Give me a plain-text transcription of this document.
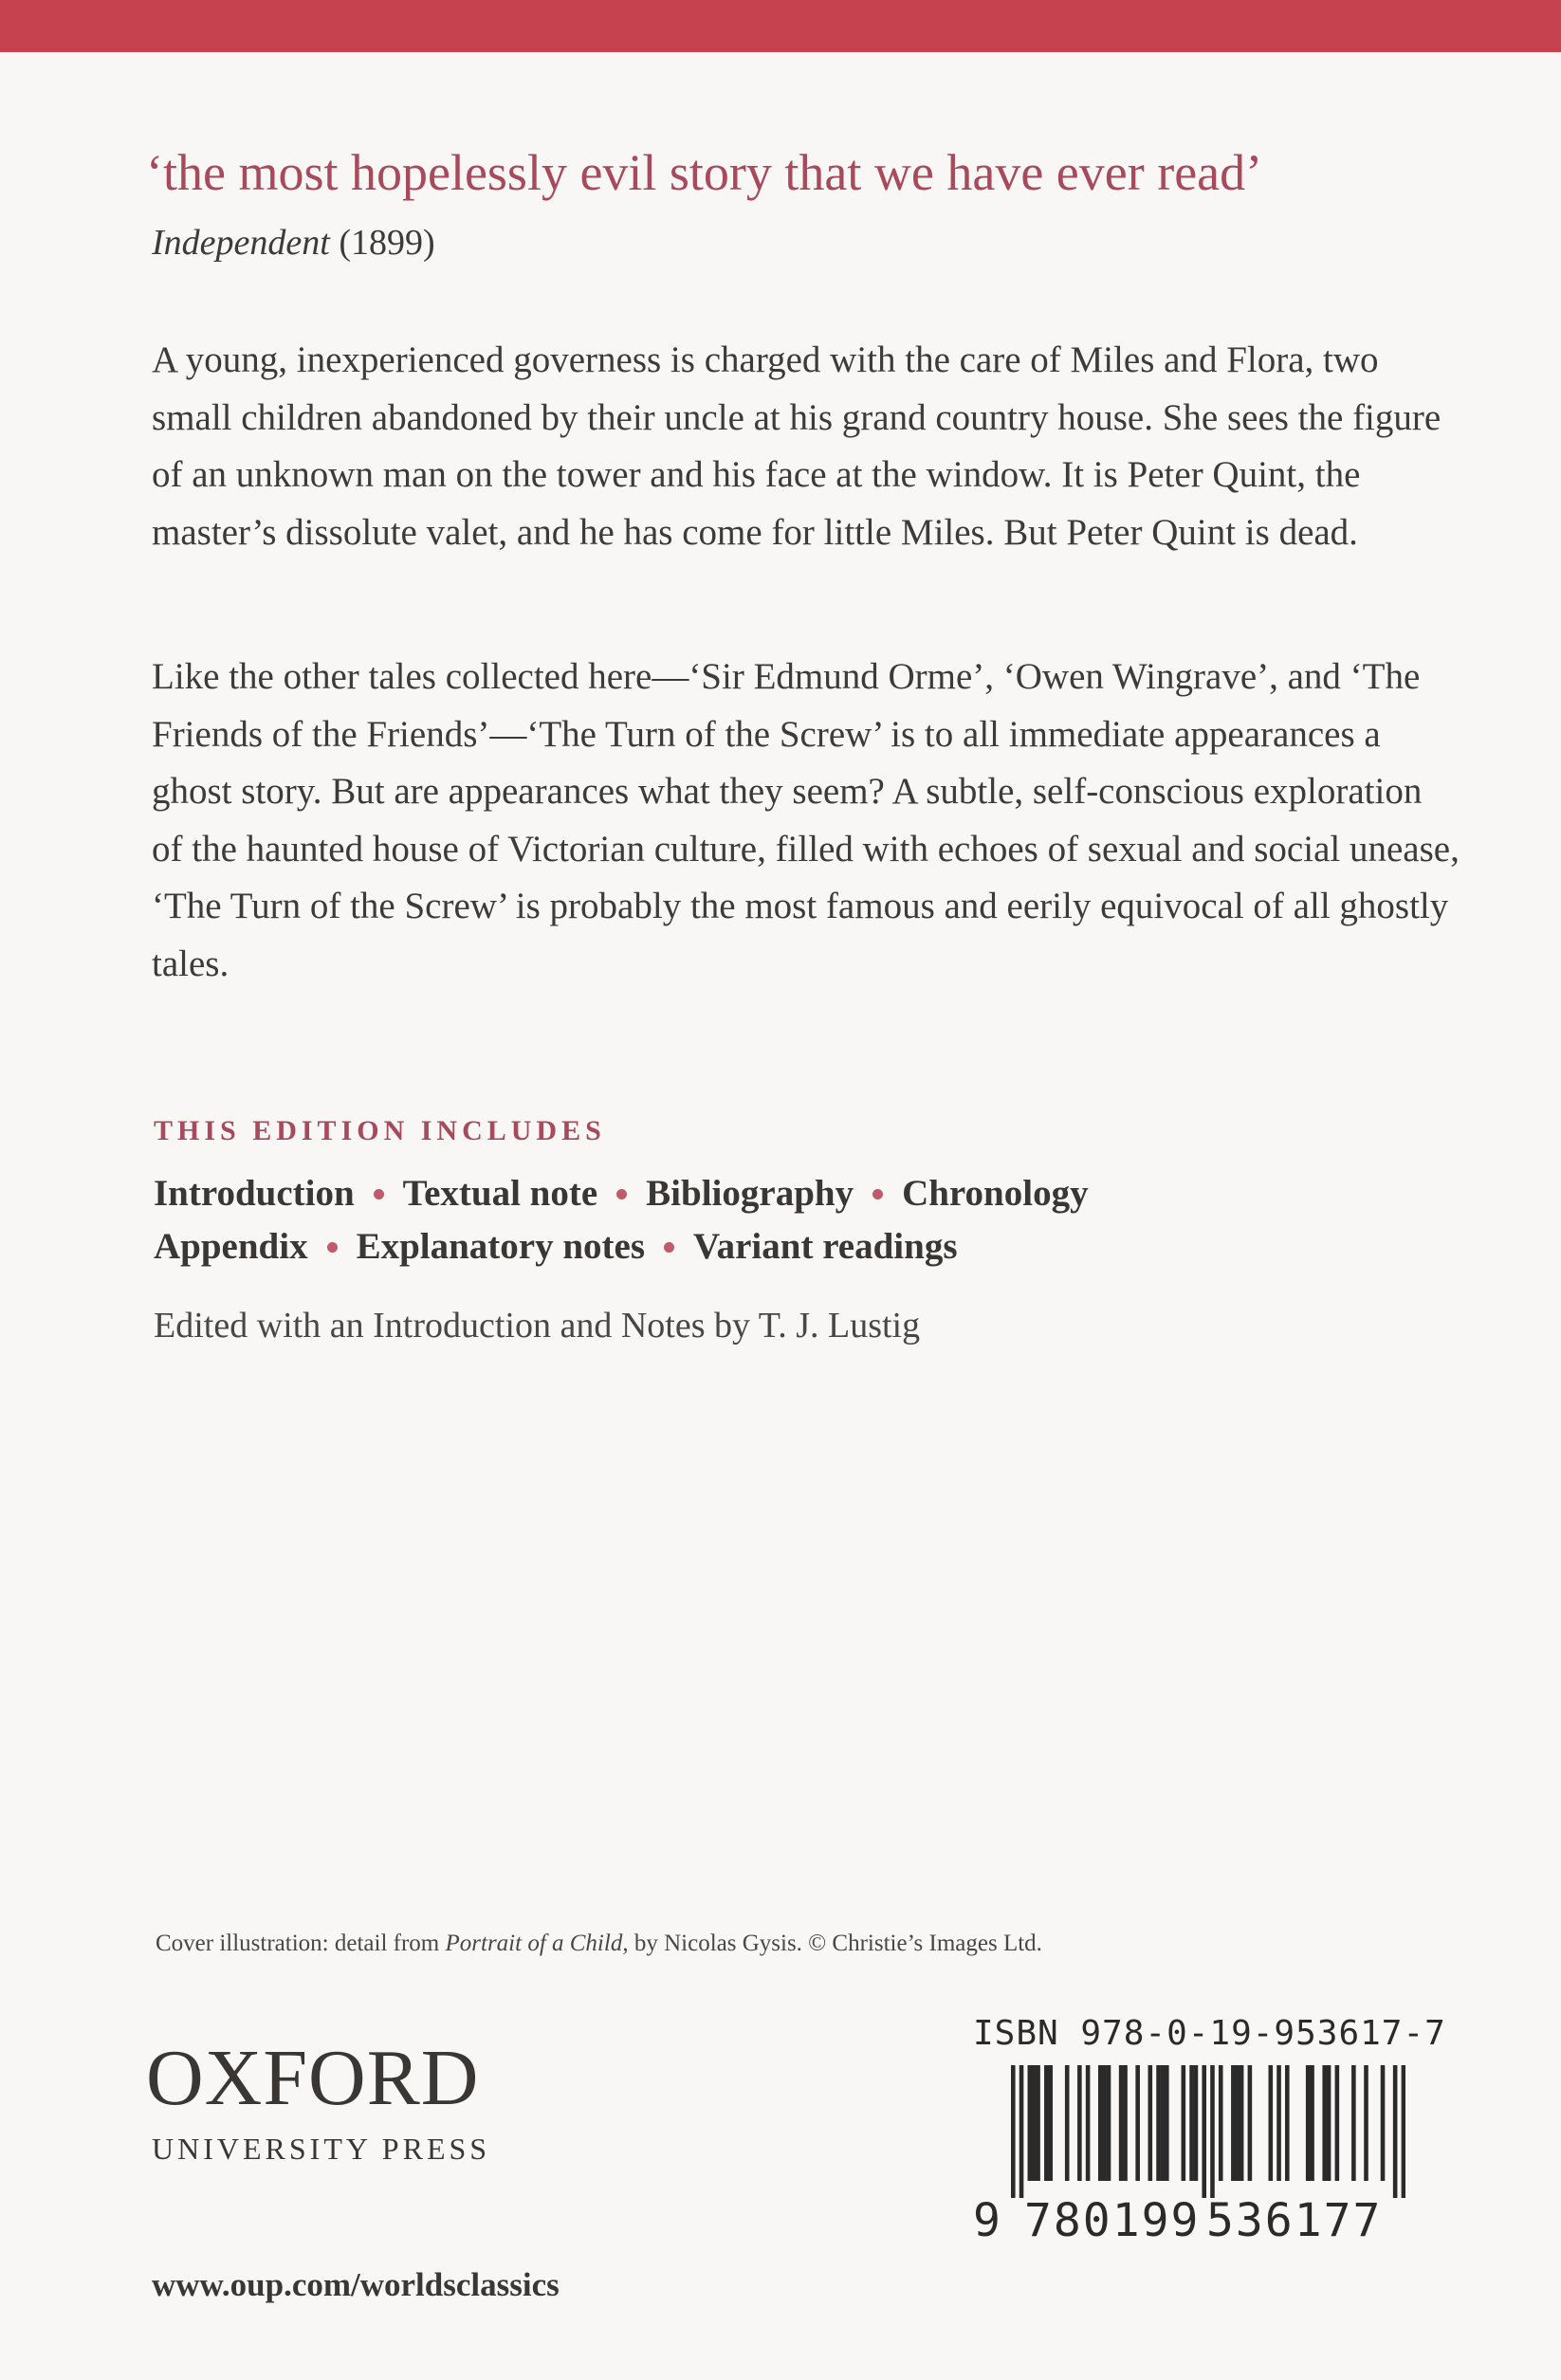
‘the most hopelessly evil story that we have ever read’
Independent (1899)

A young, inexperienced governess is charged with the care of Miles and Flora, two small children abandoned by their uncle at his grand country house. She sees the figure of an unknown man on the tower and his face at the window. It is Peter Quint, the master’s dissolute valet, and he has come for little Miles. But Peter Quint is dead.

Like the other tales collected here—‘Sir Edmund Orme’, ‘Owen Wingrave’, and ‘The Friends of the Friends’—‘The Turn of the Screw’ is to all immediate appearances a ghost story. But are appearances what they seem? A subtle, self-conscious exploration of the haunted house of Victorian culture, filled with echoes of sexual and social unease, ‘The Turn of the Screw’ is probably the most famous and eerily equivocal of all ghostly tales.

THIS EDITION INCLUDES
Introduction Textual note Bibliography Chronology
Appendix Explanatory notes Variant readings
Edited with an Introduction and Notes by T. J. Lustig
Cover illustration: detail from Portrait of a Child, by Nicolas Gysis. © Christie’s Images Ltd.
OXFORD
UNIVERSITY PRESS
www.oup.com/worldsclassics
ISBN 978-0-19-953617-7
9 780199 536177
